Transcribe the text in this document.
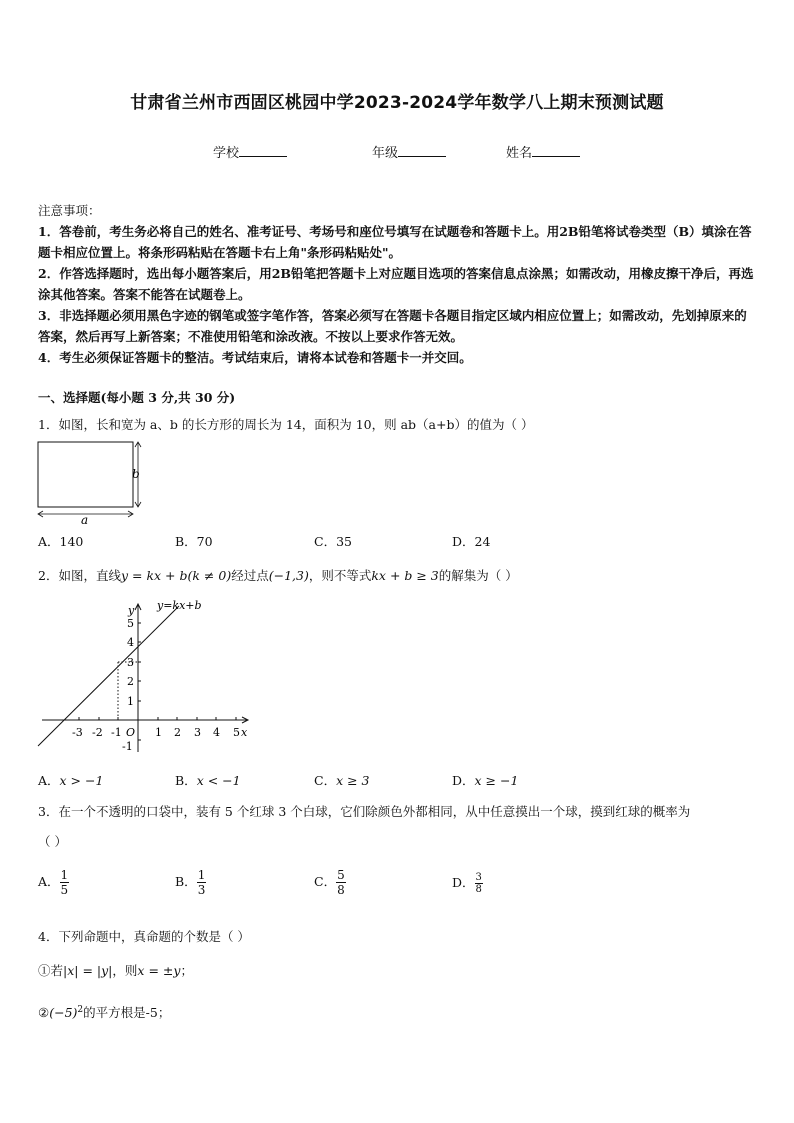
甘肃省兰州市西固区桃园中学2023-2024学年数学八上期末预测试题
学校	年级	姓名

注意事项：

1．答卷前，考生务必将自己的姓名、准考证号、考场号和座位号填写在试题卷和答题卡上。用2B铅笔将试卷类型（B）填涂在答题卡相应位置上。将条形码粘贴在答题卡右上角"条形码粘贴处"。

2．作答选择题时，选出每小题答案后，用2B铅笔把答题卡上对应题目选项的答案信息点涂黑；如需改动，用橡皮擦干净后，再选涂其他答案。答案不能答在试题卷上。

3．非选择题必须用黑色字迹的钢笔或签字笔作答，答案必须写在答题卡各题目指定区域内相应位置上；如需改动，先划掉原来的答案，然后再写上新答案；不准使用铅笔和涂改液。不按以上要求作答无效。

4．考生必须保证答题卡的整洁。考试结束后，请将本试卷和答题卡一并交回。

一、选择题(每小题 3 分,共 30 分)
1．如图，长和宽为 a、b 的长方形的周长为 14，面积为 10，则 ab（a+b）的值为（ ）
b
a
A．140	B．70	C．35	D．24
2．如图，直线y = kx + b(k ≠ 0)经过点(−1,3)，则不等式kx + b ≥ 3的解集为（ ）
y=kx+b
y
x
O
-3 -2 -1	1 2 3 4 5
1
2
3
4
5
-1
A．x > −1	B．x < −1	C．x ≥ 3	D．x ≥ −1
3．在一个不透明的口袋中，装有 5 个红球 3 个白球，它们除颜色外都相同，从中任意摸出一个球，摸到红球的概率为
（ ）
A． $\frac{1}{5}$	B． $\frac{1}{3}$	C． $\frac{5}{8}$	D． $\frac{3}{8}$
4．下列命题中，真命题的个数是（ ）
①若|x| = |y|，则x = ±y；
$②(-5)^2$的平方根是-5；
